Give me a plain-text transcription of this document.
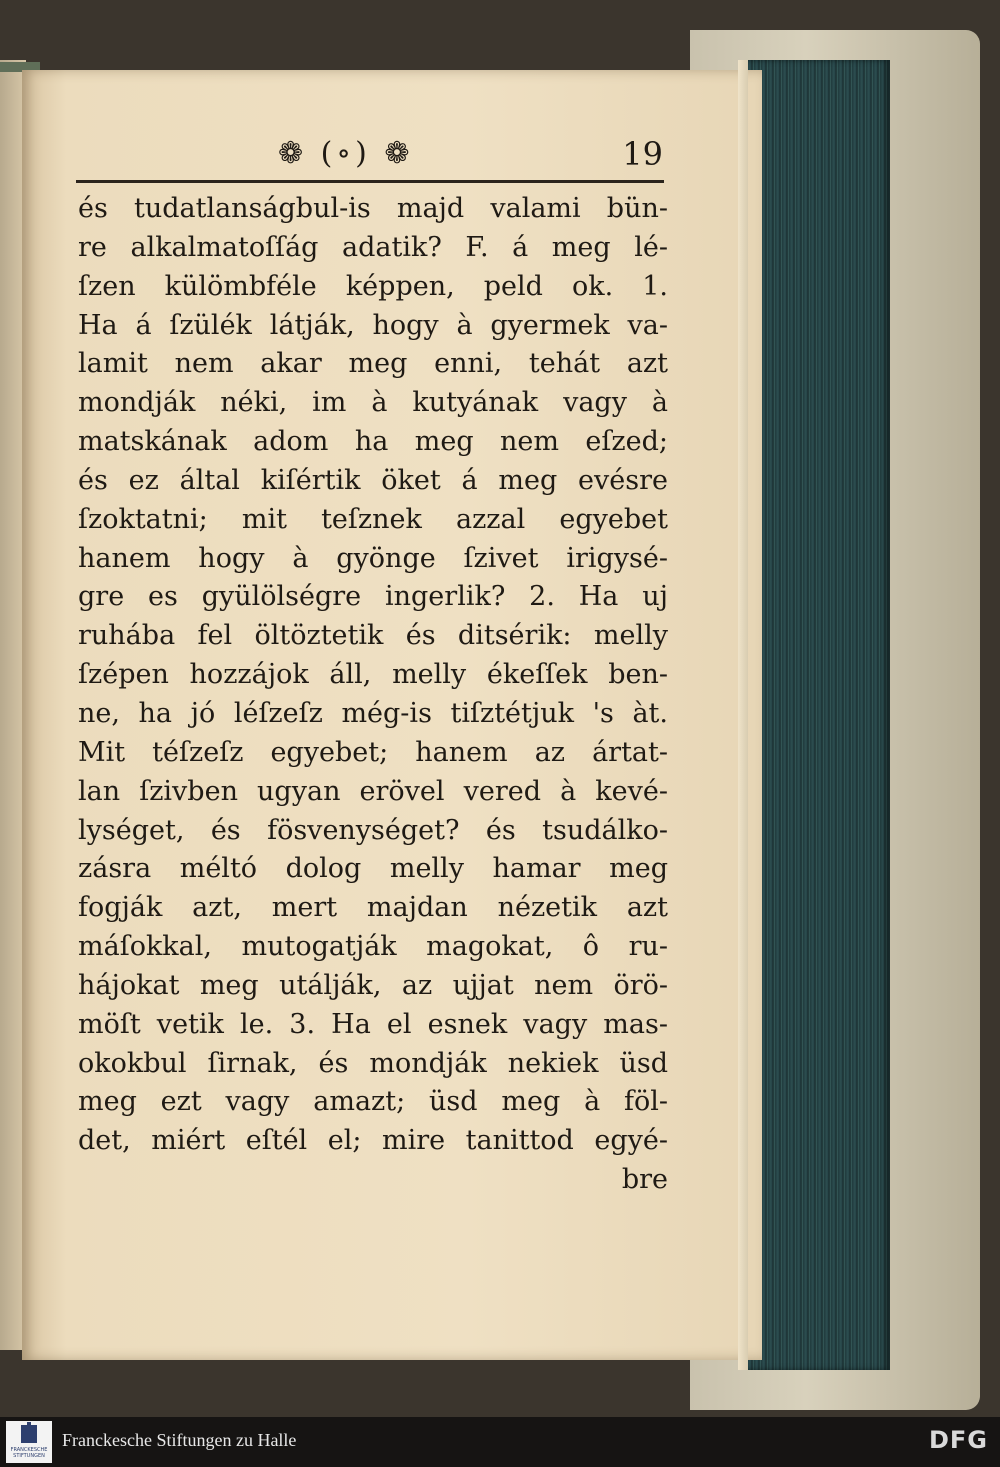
❁ (∘) ❁	19
és tudatlanságbul-is majd valami bün-
re alkalmatoſſág adatik? F. á meg lé-
ſzen külömbféle képpen, peld ok. 1.
Ha á ſzülék látják, hogy à gyermek va-
lamit nem akar meg enni, tehát azt
mondják néki, im à kutyának vagy à
matskának adom ha meg nem eſzed;
és ez által kiſértik öket á meg evésre
ſzoktatni; mit teſznek azzal egyebet
hanem hogy à gyönge ſzivet irigysé-
gre es gyülölségre ingerlik? 2. Ha uj
ruhába fel öltöztetik és ditsérik: melly
ſzépen hozzájok áll, melly ékeſſek ben-
ne, ha jó léſzeſz még-is tiſztétjuk 's àt.
Mit téſzeſz egyebet; hanem az ártat-
lan ſzivben ugyan erövel vered à kevé-
lységet, és fösvenységet? és tsudálko-
zásra méltó dolog melly hamar meg
fogják azt, mert majdan nézetik azt
máſokkal, mutogatják magokat, ô ru-
hájokat meg utálják, az ujjat nem örö-
möſt vetik le. 3. Ha el esnek vagy mas-
okokbul ſirnak, és mondják nekiek üsd
meg ezt vagy amazt; üsd meg à föl-
det, miért eſtél el; mire tanittod egyé-
bre
FRANCKESCHE STIFTUNGEN
Franckesche Stiftungen zu Halle	DFG
